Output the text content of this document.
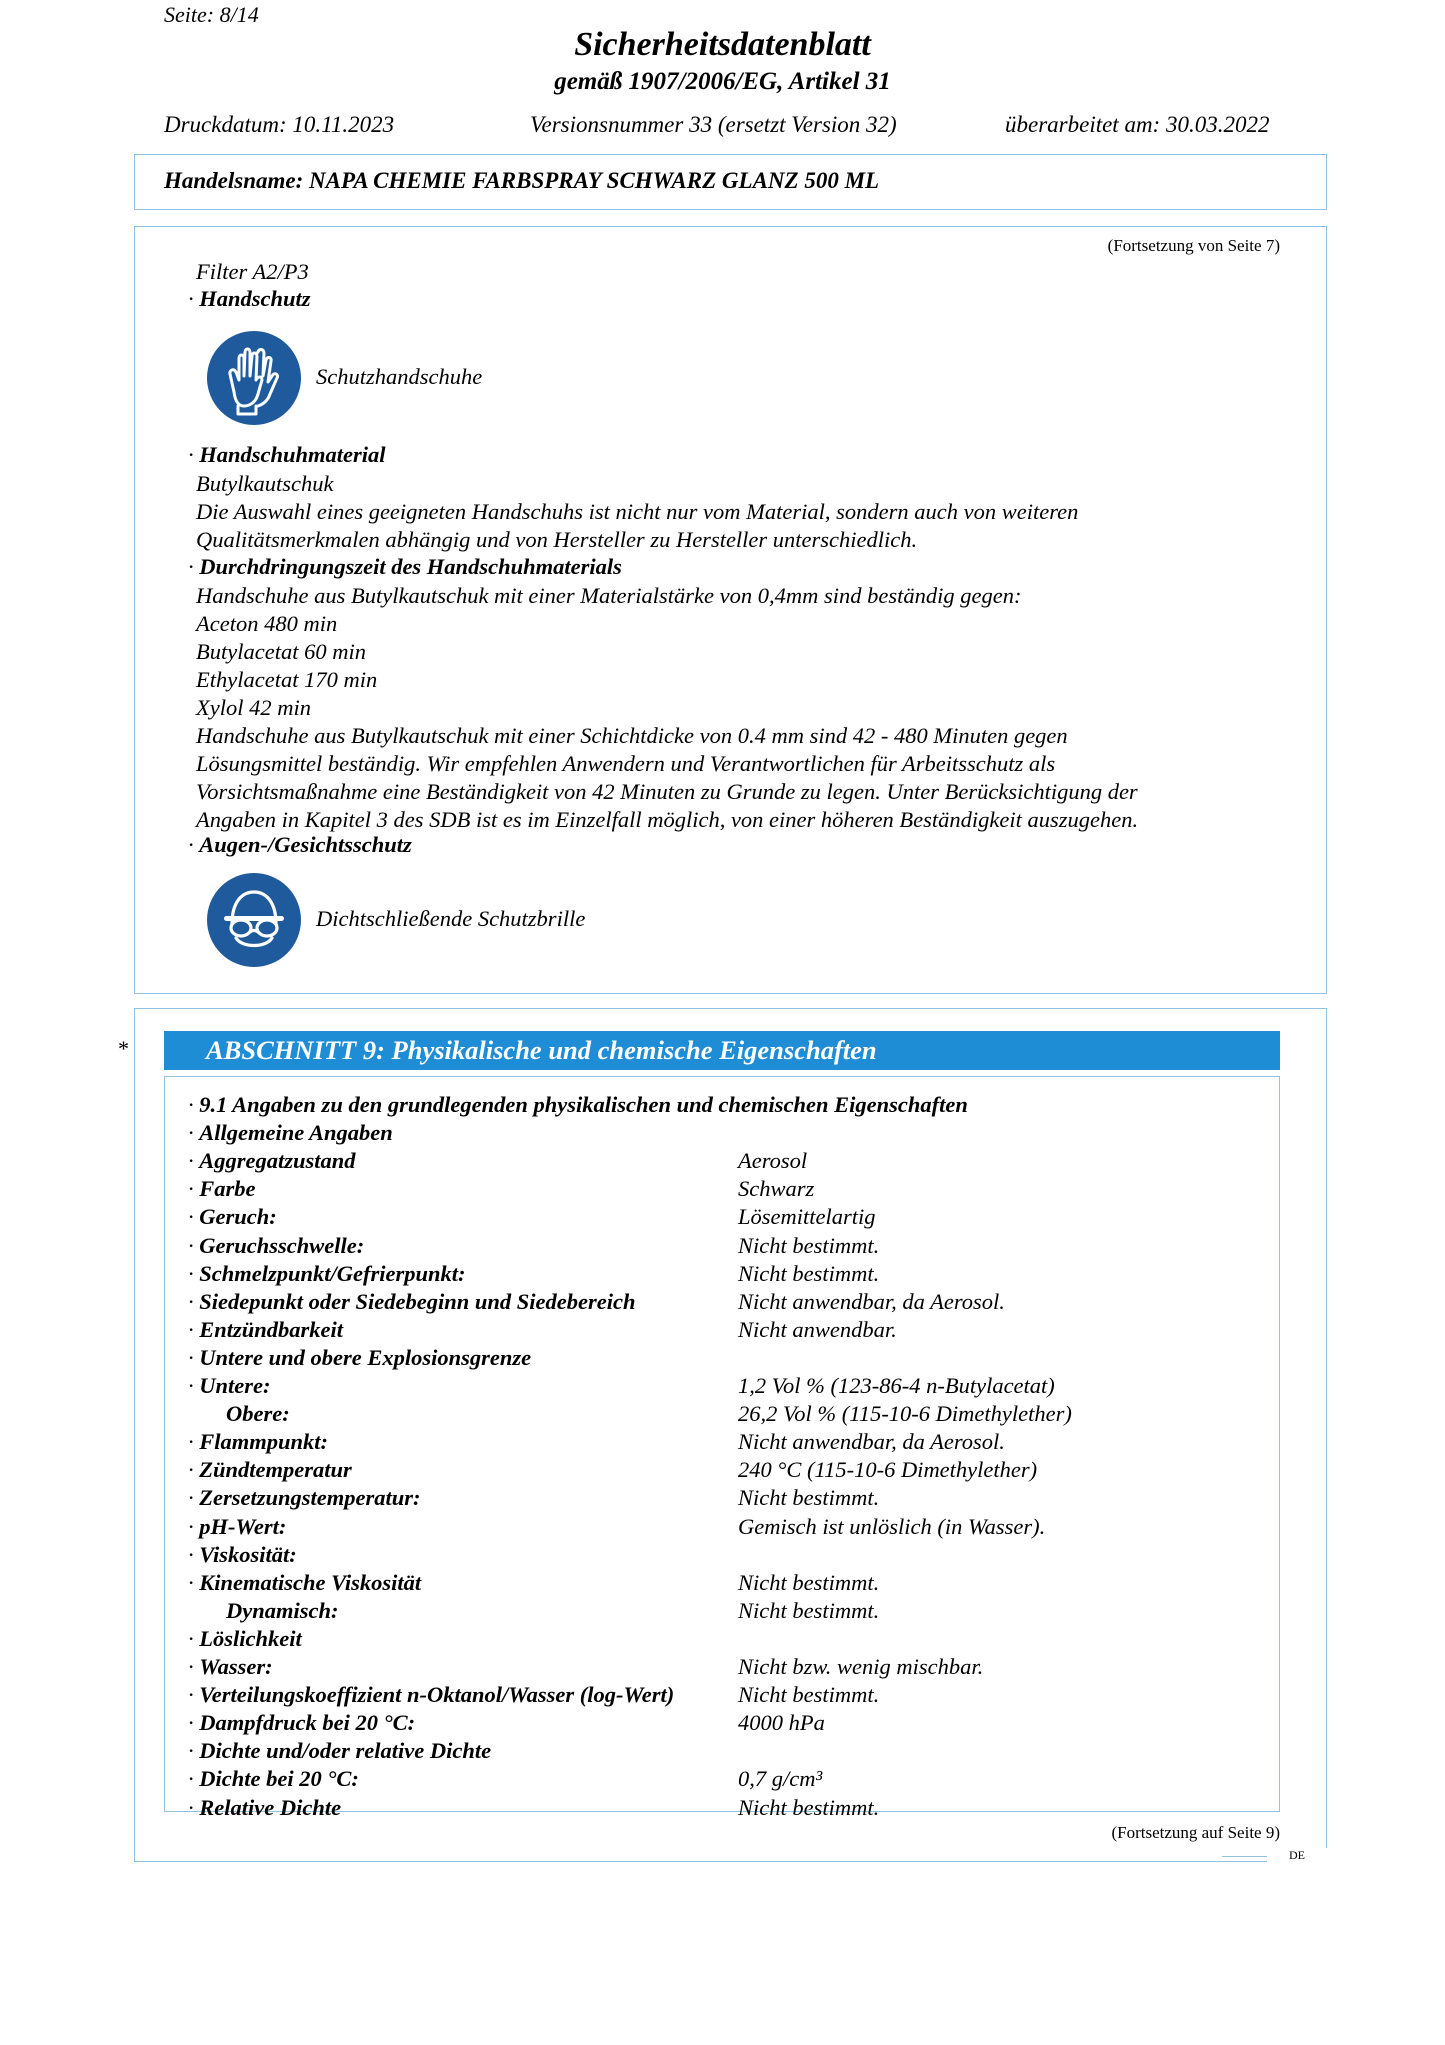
Seite: 8/14
Sicherheitsdatenblatt
gemäß 1907/2006/EG, Artikel 31
Druckdatum: 10.11.2023	Versionsnummer 33 (ersetzt Version 32)	überarbeitet am: 30.03.2022
Handelsname: NAPA CHEMIE FARBSPRAY SCHWARZ GLANZ 500 ML
(Fortsetzung von Seite 7)
Filter A2/P3
· Handschutz
Schutzhandschuhe
· Handschuhmaterial
Butylkautschuk
Die Auswahl eines geeigneten Handschuhs ist nicht nur vom Material, sondern auch von weiteren
Qualitätsmerkmalen abhängig und von Hersteller zu Hersteller unterschiedlich.
· Durchdringungszeit des Handschuhmaterials
Handschuhe aus Butylkautschuk mit einer Materialstärke von 0,4mm sind beständig gegen:
Aceton 480 min
Butylacetat 60 min
Ethylacetat 170 min
Xylol 42 min
Handschuhe aus Butylkautschuk mit einer Schichtdicke von 0.4 mm sind 42 - 480 Minuten gegen
Lösungsmittel beständig. Wir empfehlen Anwendern und Verantwortlichen für Arbeitsschutz als
Vorsichtsmaßnahme eine Beständigkeit von 42 Minuten zu Grunde zu legen. Unter Berücksichtigung der
Angaben in Kapitel 3 des SDB ist es im Einzelfall möglich, von einer höheren Beständigkeit auszugehen.
· Augen-/Gesichtsschutz
Dichtschließende Schutzbrille
*	ABSCHNITT 9: Physikalische und chemische Eigenschaften
· 9.1 Angaben zu den grundlegenden physikalischen und chemischen Eigenschaften
· Allgemeine Angaben
· Aggregatzustand	Aerosol
· Farbe	Schwarz
· Geruch:	Lösemittelartig
· Geruchsschwelle:	Nicht bestimmt.
· Schmelzpunkt/Gefrierpunkt:	Nicht bestimmt.
· Siedepunkt oder Siedebeginn und Siedebereich	Nicht anwendbar, da Aerosol.
· Entzündbarkeit	Nicht anwendbar.
· Untere und obere Explosionsgrenze
· Untere:	1,2 Vol % (123-86-4 n-Butylacetat)
Obere:	26,2 Vol % (115-10-6 Dimethylether)
· Flammpunkt:	Nicht anwendbar, da Aerosol.
· Zündtemperatur	240 °C (115-10-6 Dimethylether)
· Zersetzungstemperatur:	Nicht bestimmt.
· pH-Wert:	Gemisch ist unlöslich (in Wasser).
· Viskosität:
· Kinematische Viskosität	Nicht bestimmt.
Dynamisch:	Nicht bestimmt.
· Löslichkeit
· Wasser:	Nicht bzw. wenig mischbar.
· Verteilungskoeffizient n-Oktanol/Wasser (log-Wert)	Nicht bestimmt.
· Dampfdruck bei 20 °C:	4000 hPa
· Dichte und/oder relative Dichte
· Dichte bei 20 °C:	0,7 g/cm³
· Relative Dichte	Nicht bestimmt.
(Fortsetzung auf Seite 9)
DE
